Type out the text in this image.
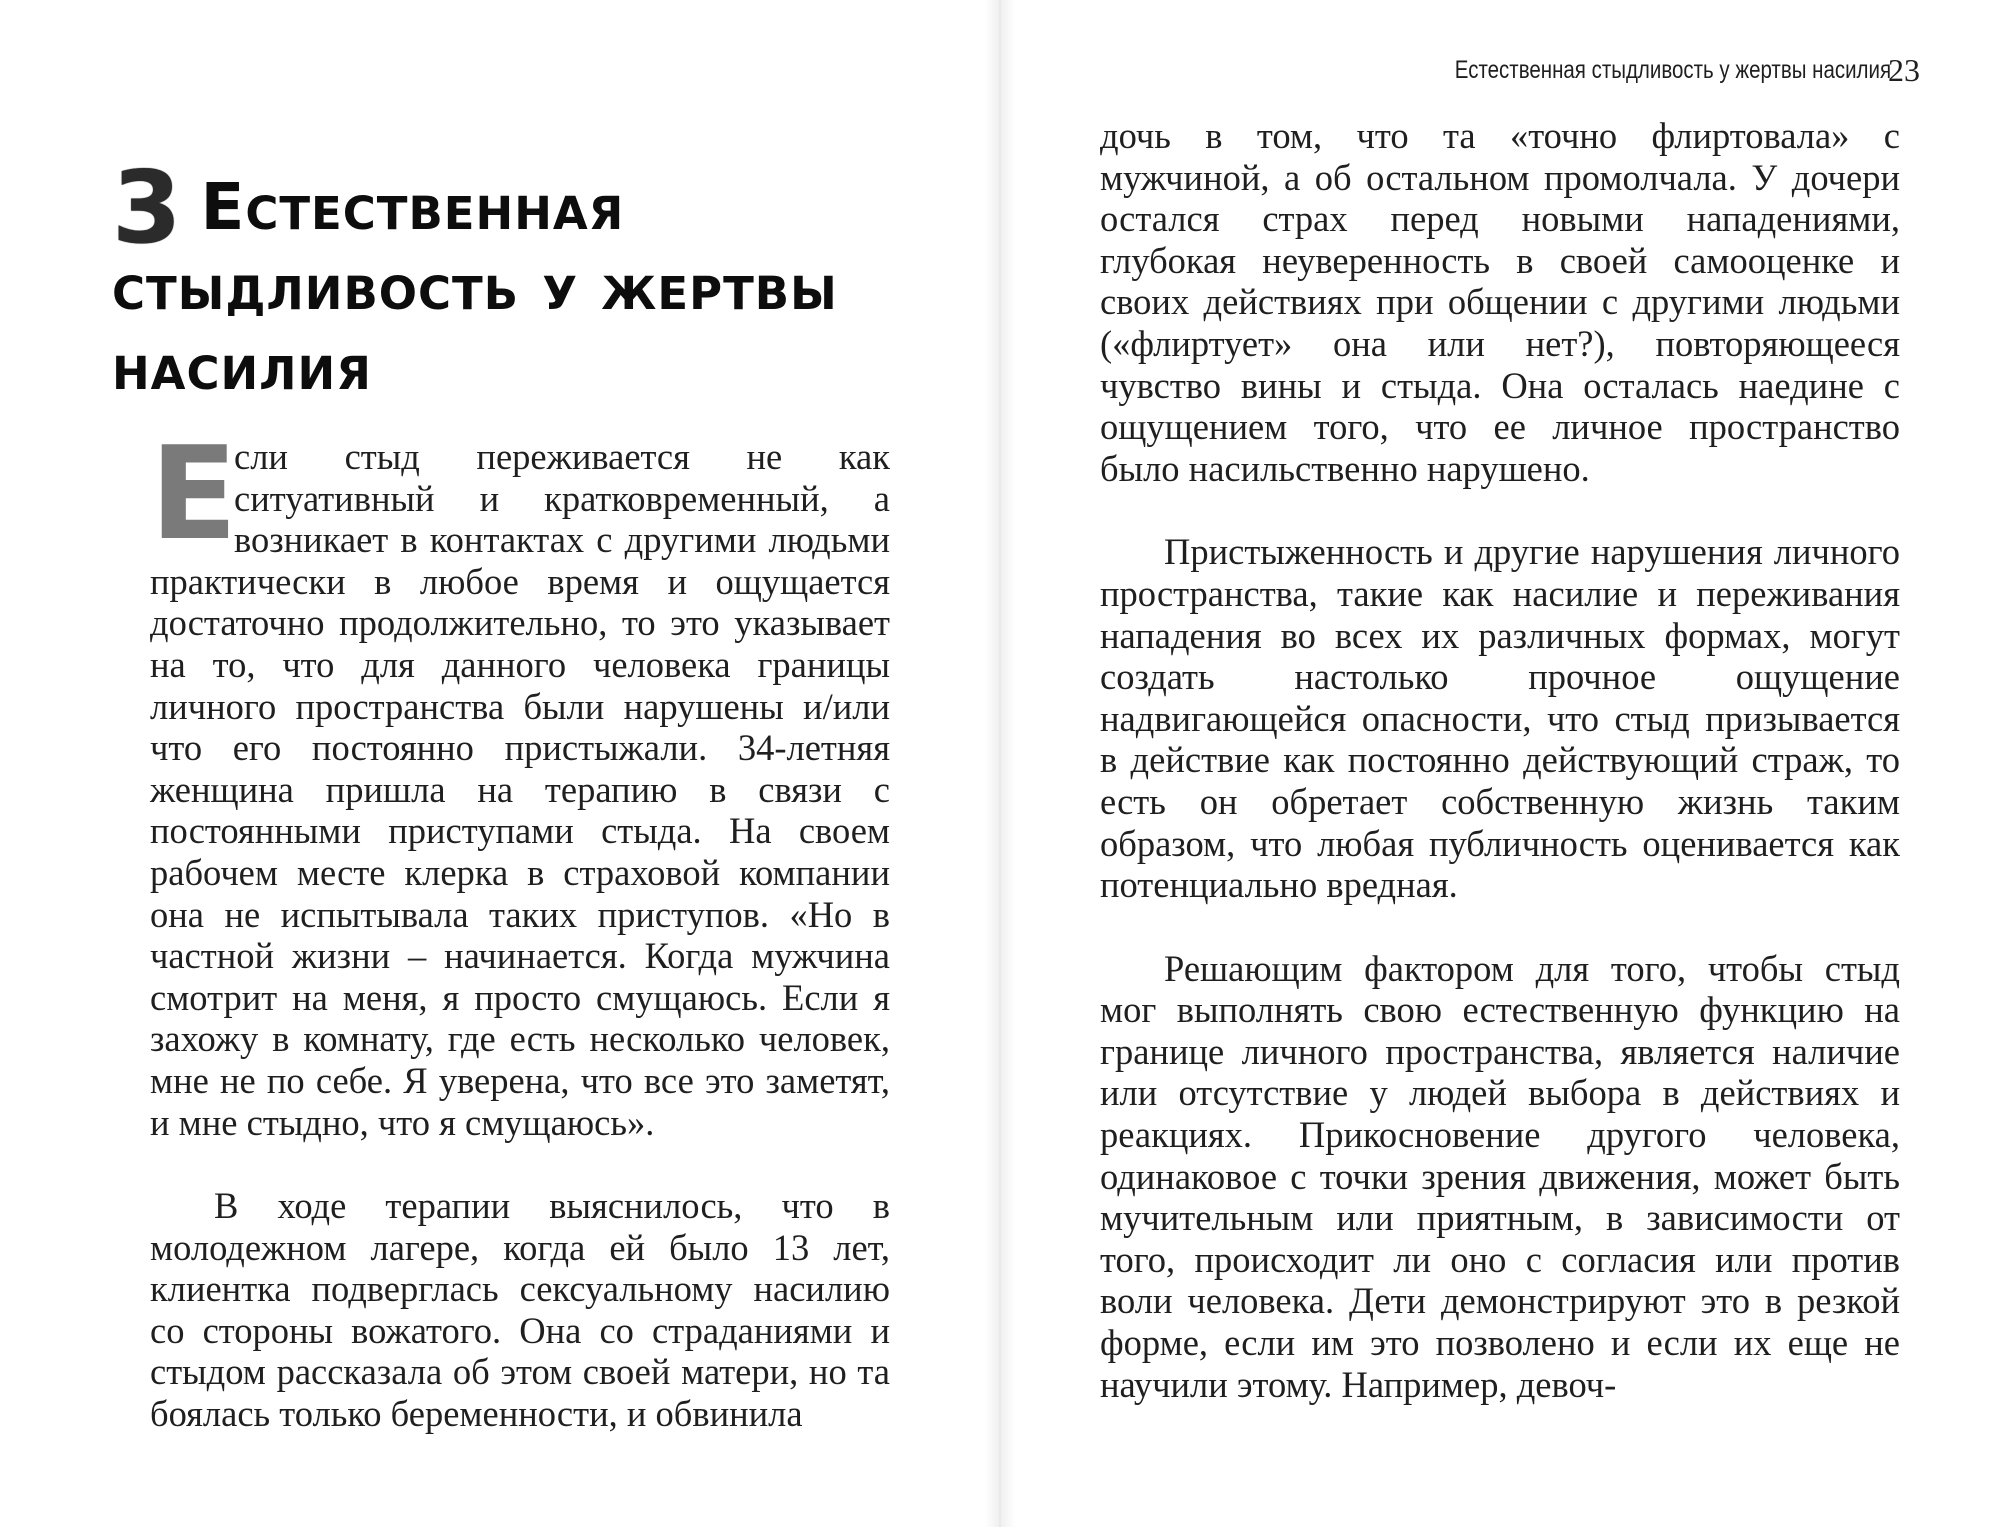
Естественная стыдливость у жертвы насилия
23
3 Естественная стыдливость у жертвы насилия

Е
сли стыд переживается не как ситуативный и кратковременный, а возникает в контактах с другими людьми практически в любое время и ощущается достаточно продолжительно, то это указывает на то, что для данного человека границы личного пространства были нарушены и/или что его постоянно пристыжали. 34-летняя женщина пришла на терапию в связи с постоянными приступами стыда. На своем рабочем месте клерка в страховой компании она не испытывала таких приступов. «Но в частной жизни – начинается. Когда мужчина смотрит на меня, я просто смущаюсь. Если я захожу в комнату, где есть несколько человек, мне не по себе. Я уверена, что все это заметят, и мне стыдно, что я смущаюсь».

В ходе терапии выяснилось, что в молодежном лагере, когда ей было 13 лет, клиентка подверглась сексуальному насилию со стороны вожатого. Она со страданиями и стыдом рассказала об этом своей матери, но та боялась только беременности, и обвинила

дочь в том, что та «точно флиртовала» с мужчиной, а об остальном промолчала. У дочери остался страх перед новыми нападениями, глубокая неуверенность в своей самооценке и своих действиях при общении с другими людьми («флиртует» она или нет?), повторяющееся чувство вины и стыда. Она осталась наедине с ощущением того, что ее личное пространство было насильственно нарушено.

Пристыженность и другие нарушения личного пространства, такие как насилие и переживания нападения во всех их различных формах, могут создать настолько прочное ощущение надвигающейся опасности, что стыд призывается в действие как постоянно действующий страж, то есть он обретает собственную жизнь таким образом, что любая публичность оценивается как потенциально вредная.

Решающим фактором для того, чтобы стыд мог выполнять свою естественную функцию на границе личного пространства, является наличие или отсутствие у людей выбора в действиях и реакциях. Прикосновение другого человека, одинаковое с точки зрения движения, может быть мучительным или приятным, в зависимости от того, происходит ли оно с согласия или против воли человека. Дети демонстрируют это в резкой форме, если им это позволено и если их еще не научили этому. Например, девоч-
